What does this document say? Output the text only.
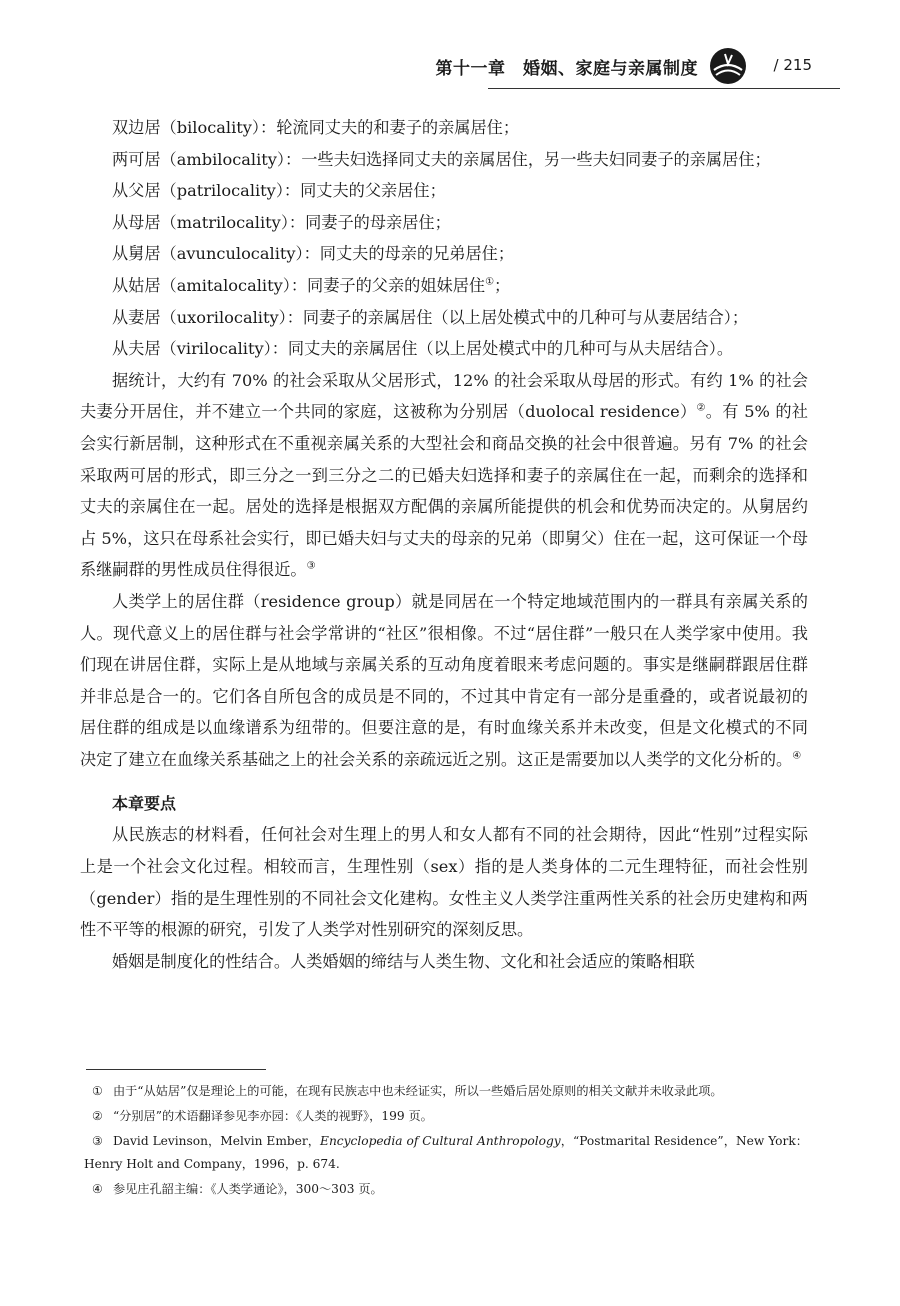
第十一章　婚姻、家庭与亲属制度	/ 215

双边居（bilocality）：轮流同丈夫的和妻子的亲属居住；

两可居（ambilocality）：一些夫妇选择同丈夫的亲属居住，另一些夫妇同妻子的亲属居住；

从父居（patrilocality）：同丈夫的父亲居住；

从母居（matrilocality）：同妻子的母亲居住；

从舅居（avunculocality）：同丈夫的母亲的兄弟居住；

从姑居（amitalocality）：同妻子的父亲的姐妹居住①；

从妻居（uxorilocality）：同妻子的亲属居住（以上居处模式中的几种可与从妻居结合）；

从夫居（virilocality）：同丈夫的亲属居住（以上居处模式中的几种可与从夫居结合）。

据统计，大约有 70% 的社会采取从父居形式，12% 的社会采取从母居的形式。有约 1% 的社会夫妻分开居住，并不建立一个共同的家庭，这被称为分别居（duolocal residence）②。有 5% 的社会实行新居制，这种形式在不重视亲属关系的大型社会和商品交换的社会中很普遍。另有 7% 的社会采取两可居的形式，即三分之一到三分之二的已婚夫妇选择和妻子的亲属住在一起，而剩余的选择和丈夫的亲属住在一起。居处的选择是根据双方配偶的亲属所能提供的机会和优势而决定的。从舅居约占 5%，这只在母系社会实行，即已婚夫妇与丈夫的母亲的兄弟（即舅父）住在一起，这可保证一个母系继嗣群的男性成员住得很近。③

人类学上的居住群（residence group）就是同居在一个特定地域范围内的一群具有亲属关系的人。现代意义上的居住群与社会学常讲的“社区”很相像。不过“居住群”一般只在人类学家中使用。我们现在讲居住群，实际上是从地域与亲属关系的互动角度着眼来考虑问题的。事实是继嗣群跟居住群并非总是合一的。它们各自所包含的成员是不同的，不过其中肯定有一部分是重叠的，或者说最初的居住群的组成是以血缘谱系为纽带的。但要注意的是，有时血缘关系并未改变，但是文化模式的不同决定了建立在血缘关系基础之上的社会关系的亲疏远近之别。这正是需要加以人类学的文化分析的。④

本章要点

从民族志的材料看，任何社会对生理上的男人和女人都有不同的社会期待，因此“性别”过程实际上是一个社会文化过程。相较而言，生理性别（sex）指的是人类身体的二元生理特征，而社会性别（gender）指的是生理性别的不同社会文化建构。女性主义人类学注重两性关系的社会历史建构和两性不平等的根源的研究，引发了人类学对性别研究的深刻反思。

婚姻是制度化的性结合。人类婚姻的缔结与人类生物、文化和社会适应的策略相联

① 由于“从姑居”仅是理论上的可能，在现有民族志中也未经证实，所以一些婚后居处原则的相关文献并未收录此项。

② “分别居”的术语翻译参见李亦园：《人类的视野》，199 页。

③ David Levinson，Melvin Ember，Encyclopedia of Cultural Anthropology，“Postmarital Residence”，New York：Henry Holt and Company，1996，p. 674.

④ 参见庄孔韶主编：《人类学通论》，300～303 页。
